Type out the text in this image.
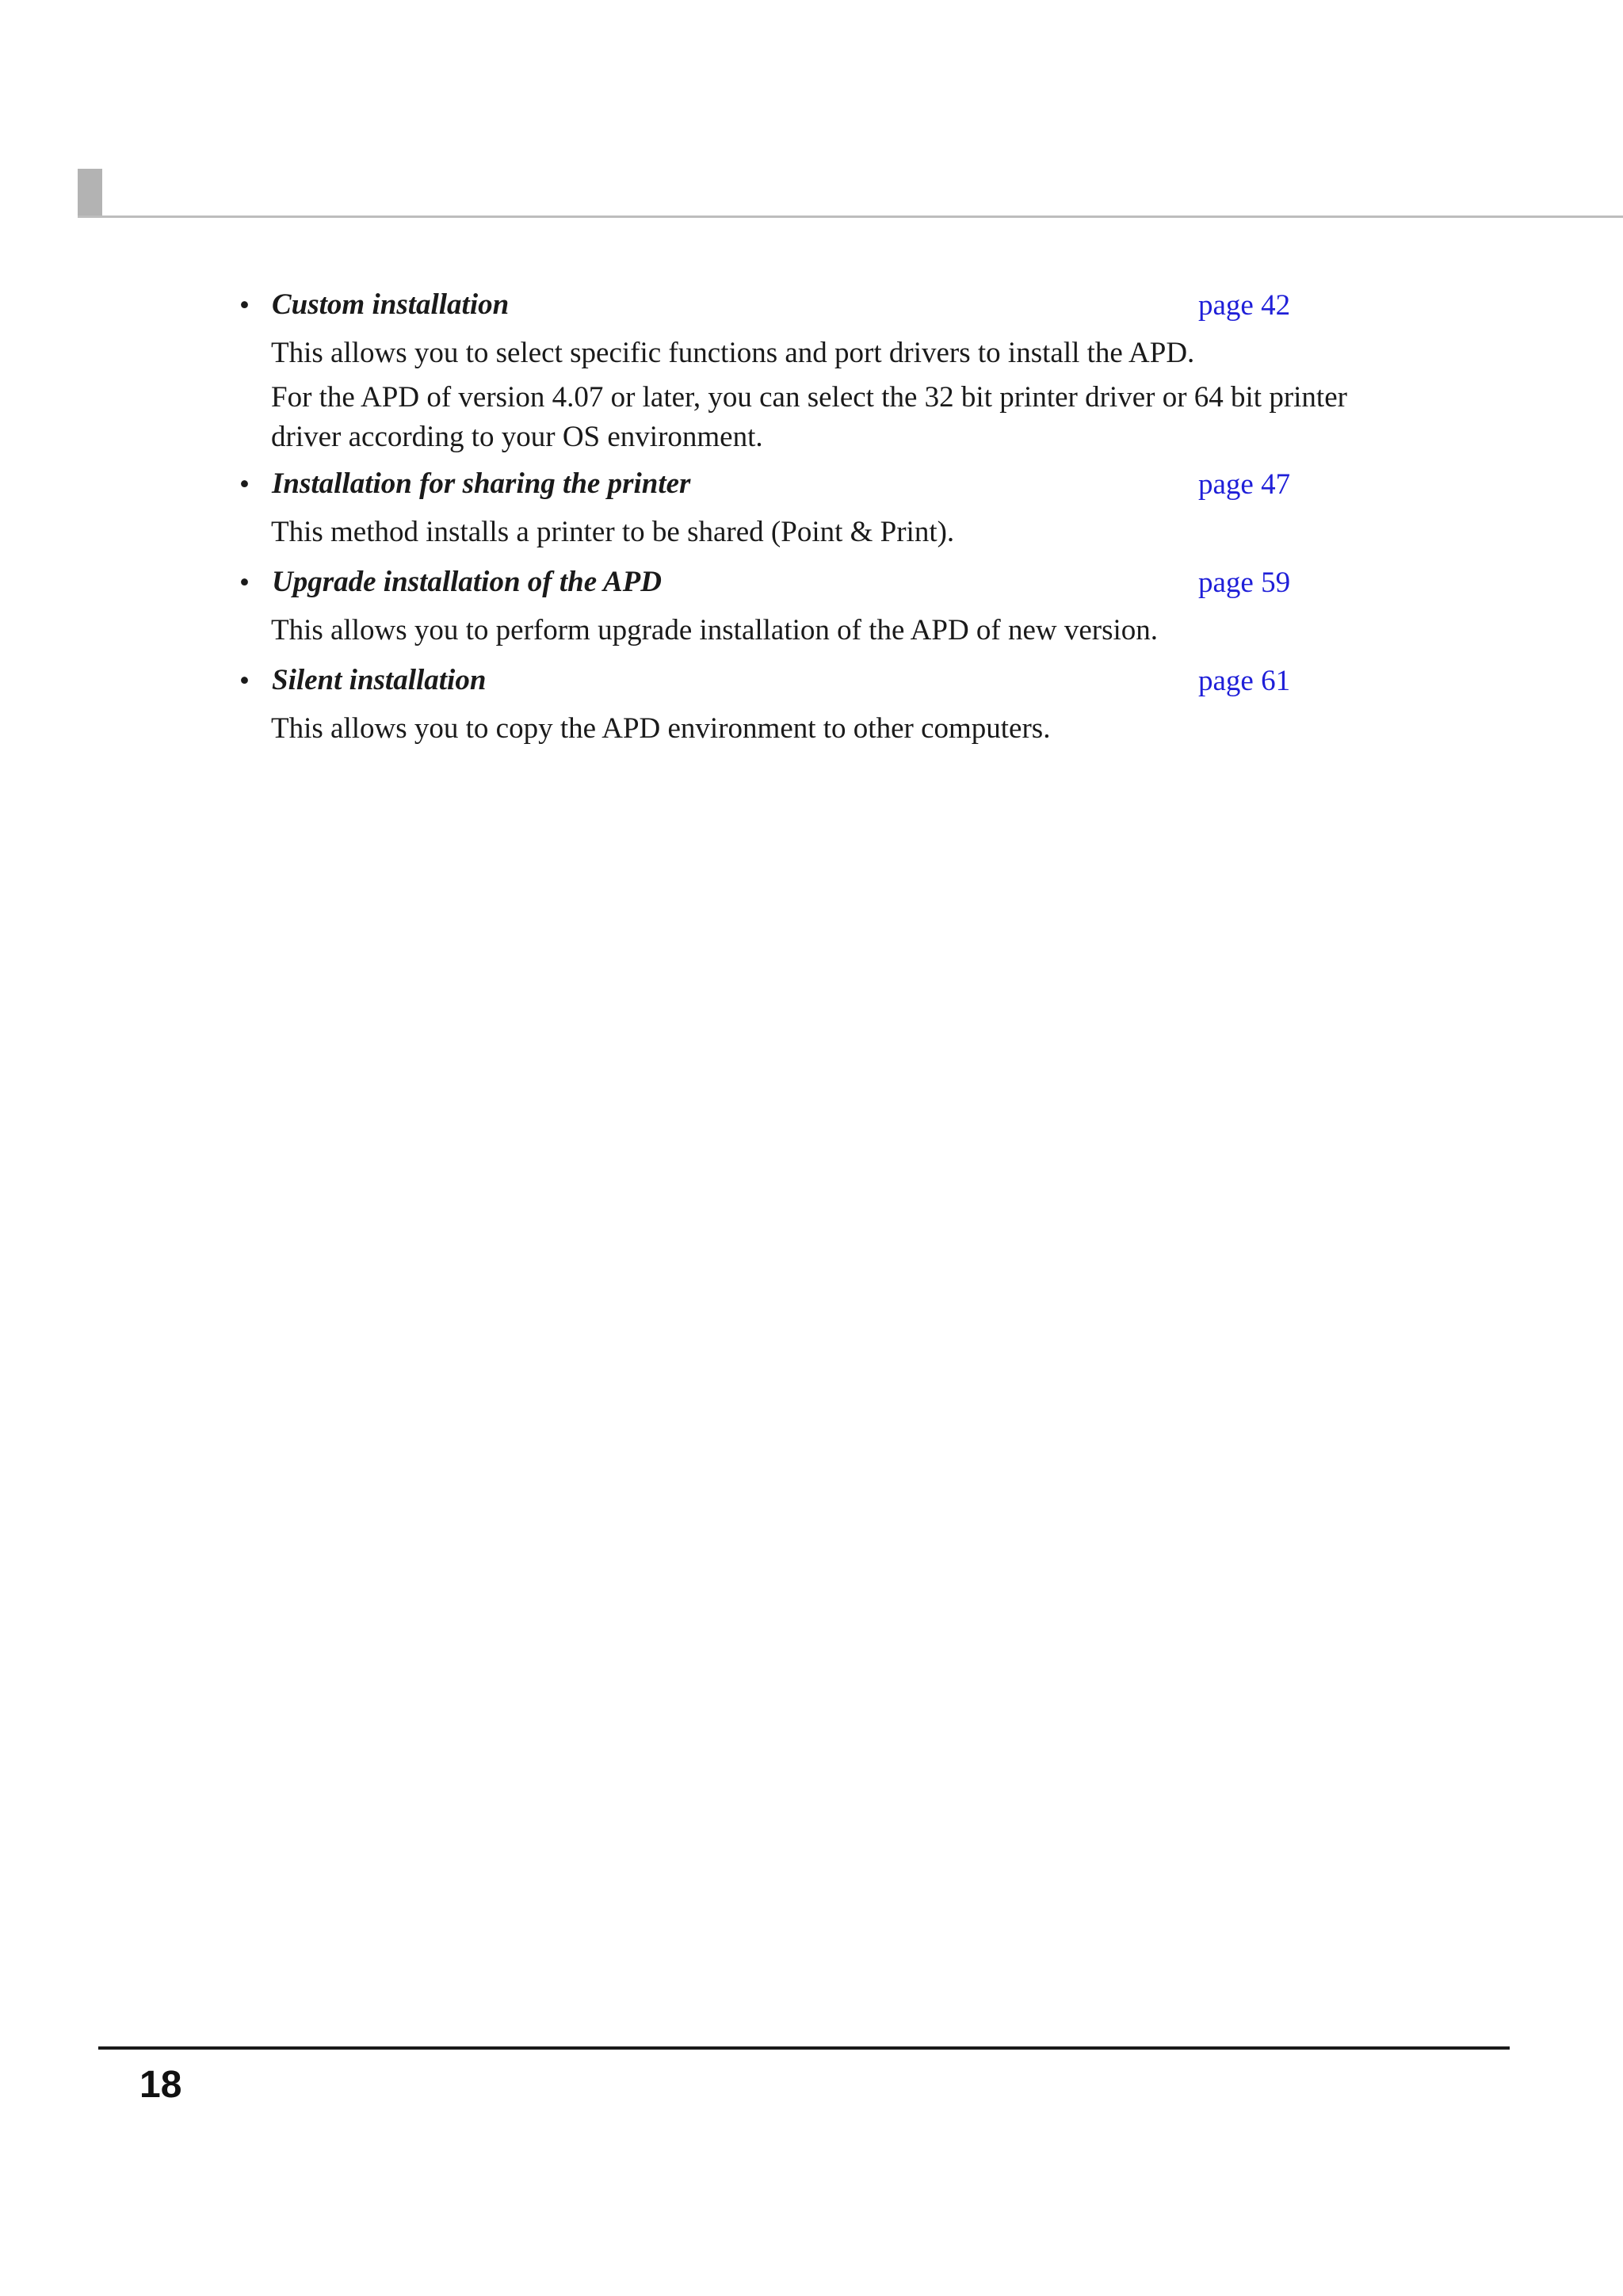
• Custom installation	page 42
This allows you to select specific functions and port drivers to install the APD.
For the APD of version 4.07 or later, you can select the 32 bit printer driver or 64 bit printer
driver according to your OS environment.
• Installation for sharing the printer	page 47
This method installs a printer to be shared (Point & Print).
• Upgrade installation of the APD	page 59
This allows you to perform upgrade installation of the APD of new version.
• Silent installation	page 61
This allows you to copy the APD environment to other computers.
18
